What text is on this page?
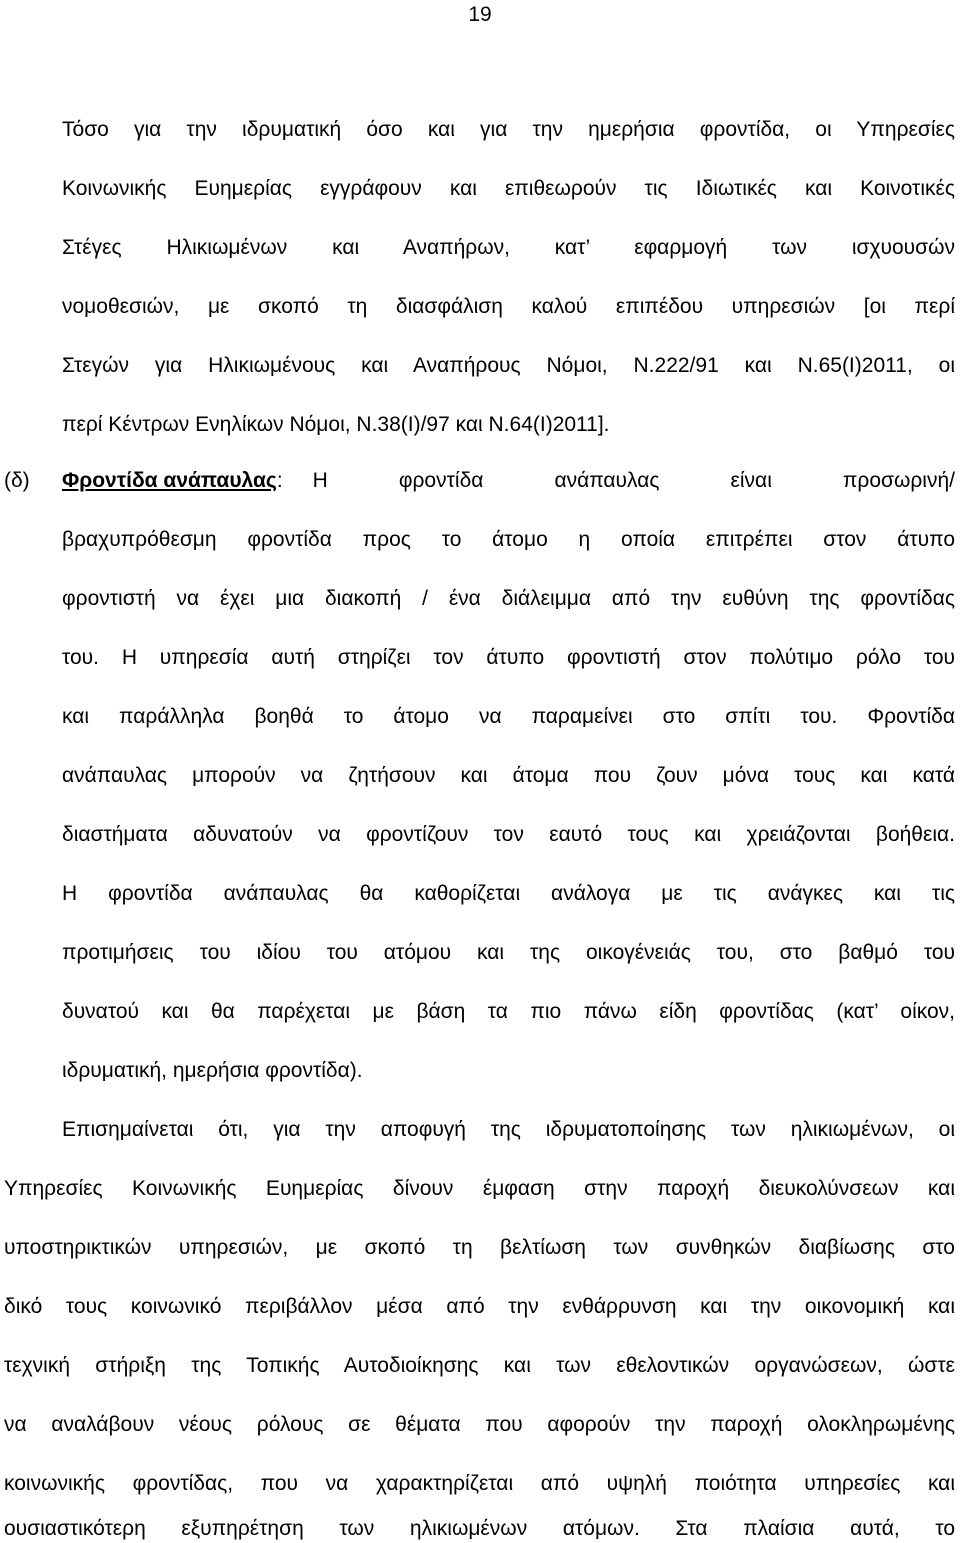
19
Τόσο για την ιδρυματική όσο και για την ημερήσια φροντίδα, οι Υπηρεσίες
Κοινωνικής Ευημερίας εγγράφουν και επιθεωρούν τις Ιδιωτικές και Κοινοτικές
Στέγες Ηλικιωμένων και Αναπήρων, κατ’ εφαρμογή των ισχυουσών
νομοθεσιών, με σκοπό τη διασφάλιση καλού επιπέδου υπηρεσιών [οι περί
Στεγών για Ηλικιωμένους και Αναπήρους Νόμοι, Ν.222/91 και Ν.65(Ι)2011, οι
περί Κέντρων Ενηλίκων Νόμοι, Ν.38(Ι)/97 και Ν.64(Ι)2011].
(δ) Φροντίδα ανάπαυλας: Η φροντίδα ανάπαυλας είναι προσωρινή/
βραχυπρόθεσμη φροντίδα προς το άτομο η οποία επιτρέπει στον άτυπο
φροντιστή να έχει μια διακοπή / ένα διάλειμμα από την ευθύνη της φροντίδας
του. Η υπηρεσία αυτή στηρίζει τον άτυπο φροντιστή στον πολύτιμο ρόλο του
και παράλληλα βοηθά το άτομο να παραμείνει στο σπίτι του. Φροντίδα
ανάπαυλας μπορούν να ζητήσουν και άτομα που ζουν μόνα τους και κατά
διαστήματα αδυνατούν να φροντίζουν τον εαυτό τους και χρειάζονται βοήθεια.
Η φροντίδα ανάπαυλας θα καθορίζεται ανάλογα με τις ανάγκες και τις
προτιμήσεις του ιδίου του ατόμου και της οικογένειάς του, στο βαθμό του
δυνατού και θα παρέχεται με βάση τα πιο πάνω είδη φροντίδας (κατ’ οίκον,
ιδρυματική, ημερήσια φροντίδα).
Επισημαίνεται ότι, για την αποφυγή της ιδρυματοποίησης των ηλικιωμένων, οι
Υπηρεσίες Κοινωνικής Ευημερίας δίνουν έμφαση στην παροχή διευκολύνσεων και
υποστηρικτικών υπηρεσιών, με σκοπό τη βελτίωση των συνθηκών διαβίωσης στο
δικό τους κοινωνικό περιβάλλον μέσα από την ενθάρρυνση και την οικονομική και
τεχνική στήριξη της Τοπικής Αυτοδιοίκησης και των εθελοντικών οργανώσεων, ώστε
να αναλάβουν νέους ρόλους σε θέματα που αφορούν την παροχή ολοκληρωμένης
κοινωνικής φροντίδας, που να χαρακτηρίζεται από υψηλή ποιότητα υπηρεσίες και
ουσιαστικότερη εξυπηρέτηση των ηλικιωμένων ατόμων. Στα πλαίσια αυτά, το
